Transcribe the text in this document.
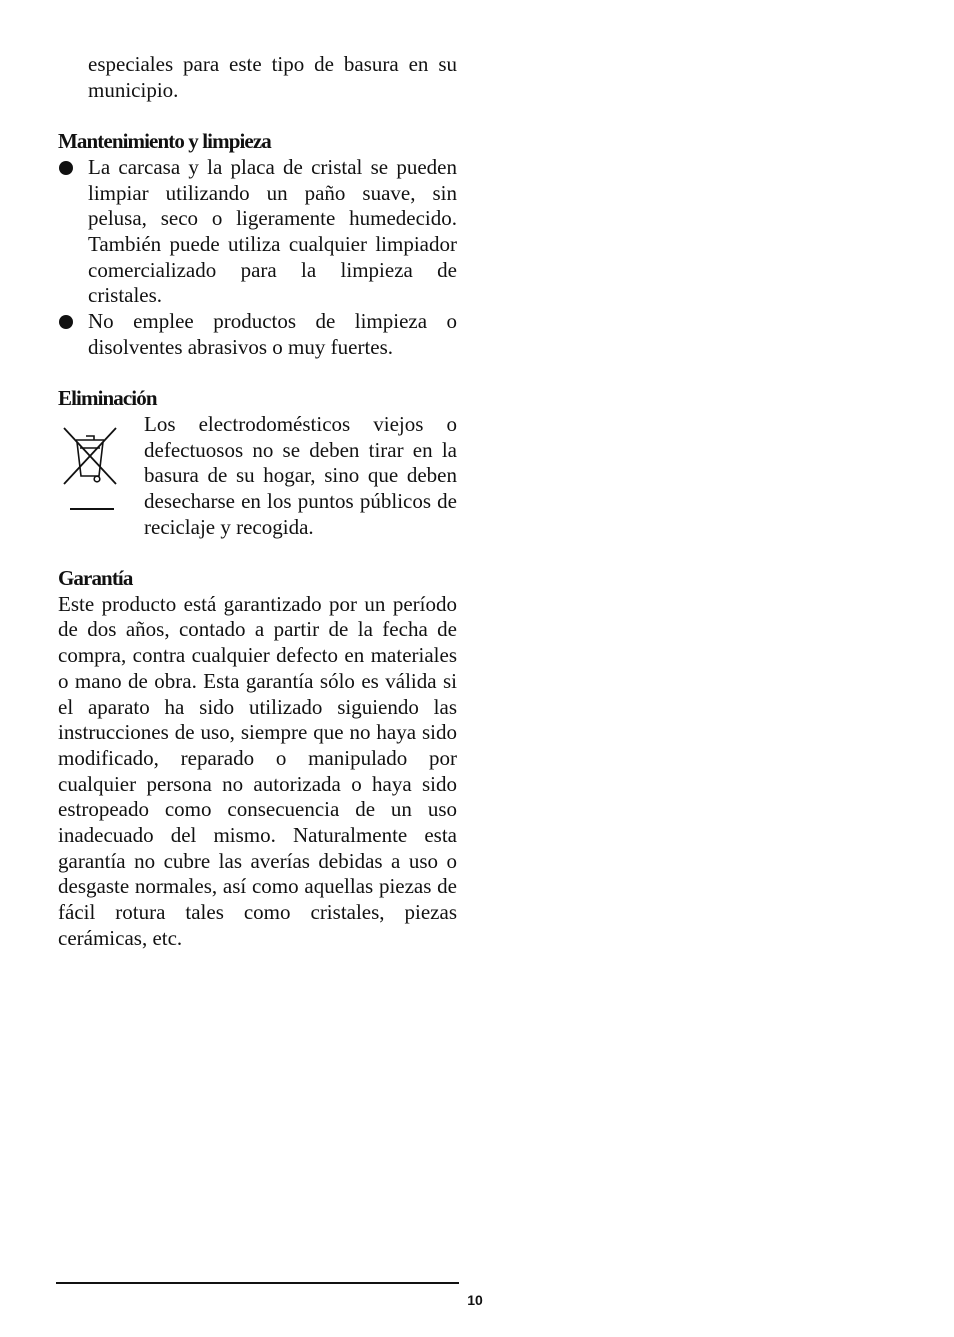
especiales para este tipo de basura en su municipio.

Mantenimiento y limpieza
La carcasa y la placa de cristal se pueden limpiar utilizando un paño suave, sin pelusa, seco o ligeramente humedecido. También puede utiliza cualquier limpiador comercializado para la limpieza de cristales.
No emplee productos de limpieza o disolventes abrasivos o muy fuertes.
Eliminación

Los electrodomésticos viejos o defectuosos no se deben tirar en la basura de su hogar, sino que deben desecharse en los puntos públicos de reciclaje y recogida.

Garantía

Este producto está garantizado por un período de dos años, contado a partir de la fecha de compra, contra cualquier defecto en materiales o mano de obra. Esta garantía sólo es válida si el aparato ha sido utilizado siguiendo las instrucciones de uso, siempre que no haya sido modificado, reparado o manipulado por cualquier persona no autorizada o haya sido estropeado como consecuencia de un uso inadecuado del mismo. Naturalmente esta garantía no cubre las averías debidas a uso o desgaste normales, así como aquellas piezas de fácil rotura tales como cristales, piezas cerámicas, etc.

10
